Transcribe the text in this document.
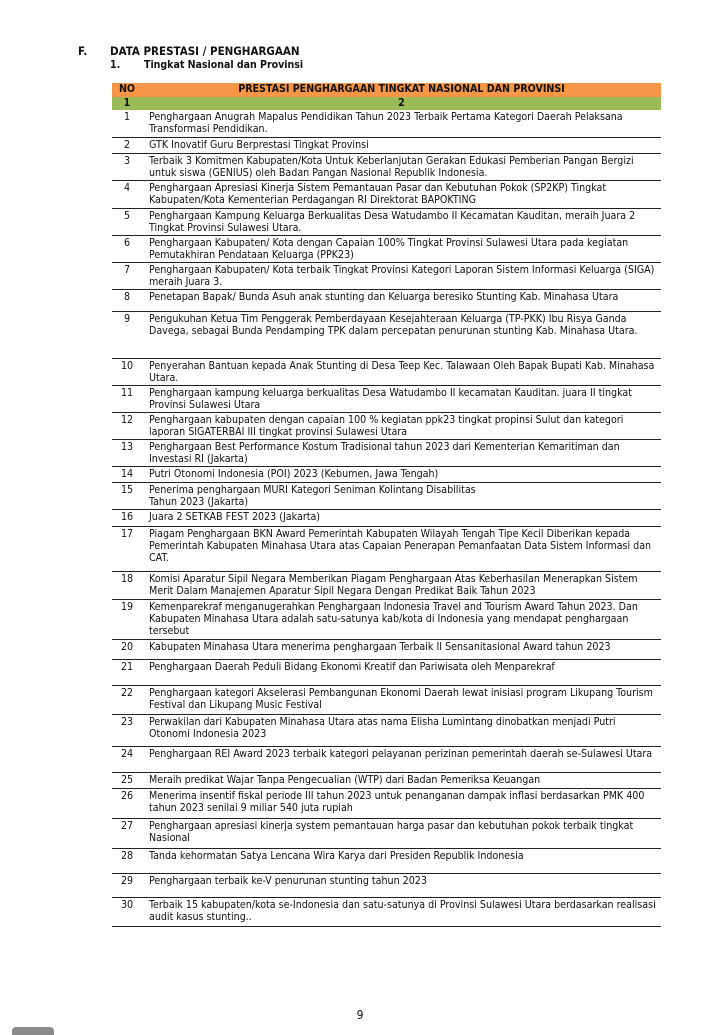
F. DATA PRESTASI / PENGHARGAAN
1. Tingkat Nasional dan Provinsi
NO	PRESTASI PENGHARGAAN TINGKAT NASIONAL DAN PROVINSI
1	2
1	Penghargaan Anugrah Mapalus Pendidikan Tahun 2023 Terbaik Pertama Kategori Daerah Pelaksana Transformasi Pendidikan.
2	GTK Inovatif Guru Berprestasi Tingkat Provinsi
3	Terbaik 3 Komitmen Kabupaten/Kota Untuk Keberlanjutan Gerakan Edukasi Pemberian Pangan Bergizi untuk siswa (GENIUS) oleh Badan Pangan Nasional Republik Indonesia.
4	Penghargaan Apresiasi Kinerja Sistem Pemantauan Pasar dan Kebutuhan Pokok (SP2KP) Tingkat Kabupaten/Kota Kementerian Perdagangan RI Direktorat BAPOKTING
5	Penghargaan Kampung Keluarga Berkualitas Desa Watudambo II Kecamatan Kauditan, meraih Juara 2 Tingkat Provinsi Sulawesi Utara.
6	Penghargaan Kabupaten/ Kota dengan Capaian 100% Tingkat Provinsi Sulawesi Utara pada kegiatan Pemutakhiran Pendataan Keluarga (PPK23)
7	Penghargaan Kabupaten/ Kota terbaik Tingkat Provinsi Kategori Laporan Sistem Informasi Keluarga (SIGA) meraih Juara 3.
8	Penetapan Bapak/ Bunda Asuh anak stunting dan Keluarga beresiko Stunting Kab. Minahasa Utara
9	Pengukuhan Ketua Tim Penggerak Pemberdayaan Kesejahteraan Keluarga (TP-PKK) Ibu Risya Ganda Davega, sebagai Bunda Pendamping TPK dalam percepatan penurunan stunting Kab. Minahasa Utara.
10	Penyerahan Bantuan kepada Anak Stunting di Desa Teep Kec. Talawaan Oleh Bapak Bupati Kab. Minahasa Utara.
11	Penghargaan kampung keluarga berkualitas Desa Watudambo II kecamatan Kauditan. juara II tingkat Provinsi Sulawesi Utara
12	Penghargaan kabupaten dengan capaian 100 % kegiatan ppk23 tingkat propinsi Sulut dan kategori laporan SIGATERBAI III tingkat provinsi Sulawesi Utara
13	Penghargaan Best Performance Kostum Tradisional tahun 2023 dari Kementerian Kemaritiman dan Investasi RI (Jakarta)
14	Putri Otonomi Indonesia (POI) 2023 (Kebumen, Jawa Tengah)
15	Penerima penghargaan MURI Kategori Seniman Kolintang Disabilitas
Tahun 2023 (Jakarta)
16	Juara 2 SETKAB FEST 2023 (Jakarta)
17	Piagam Penghargaan BKN Award Pemerintah Kabupaten Wilayah Tengah Tipe Kecil Diberikan kepada Pemerintah Kabupaten Minahasa Utara atas Capaian Penerapan Pemanfaatan Data Sistem Informasi dan CAT.
18	Komisi Aparatur Sipil Negara Memberikan Piagam Penghargaan Atas Keberhasilan Menerapkan Sistem Merit Dalam Manajemen Aparatur Sipil Negara Dengan Predikat Baik Tahun 2023
19	Kemenparekraf menganugerahkan Penghargaan Indonesia Travel and Tourism Award Tahun 2023. Dan Kabupaten Minahasa Utara adalah satu-satunya kab/kota di Indonesia yang mendapat penghargaan tersebut
20	Kabupaten Minahasa Utara menerima penghargaan Terbaik II Sensanitasional Award tahun 2023
21	Penghargaan Daerah Peduli Bidang Ekonomi Kreatif dan Pariwisata oleh Menparekraf
22	Penghargaan kategori Akselerasi Pembangunan Ekonomi Daerah lewat inisiasi program Likupang Tourism Festival dan Likupang Music Festival
23	Perwakilan dari Kabupaten Minahasa Utara atas nama Elisha Lumintang dinobatkan menjadi Putri Otonomi Indonesia 2023
24	Penghargaan REI Award 2023 terbaik kategori pelayanan perizinan pemerintah daerah se-Sulawesi Utara
25	Meraih predikat Wajar Tanpa Pengecualian (WTP) dari Badan Pemeriksa Keuangan
26	Menerima insentif fiskal periode III tahun 2023 untuk penanganan dampak inflasi berdasarkan PMK 400 tahun 2023 senilai 9 miliar 540 juta rupiah
27	Penghargaan apresiasi kinerja system pemantauan harga pasar dan kebutuhan pokok terbaik tingkat Nasional
28	Tanda kehormatan Satya Lencana Wira Karya dari Presiden Republik Indonesia
29	Penghargaan terbaik ke-V penurunan stunting tahun 2023
30	Terbaik 15 kabupaten/kota se-Indonesia dan satu-satunya di Provinsi Sulawesi Utara berdasarkan realisasi audit kasus stunting..
9
